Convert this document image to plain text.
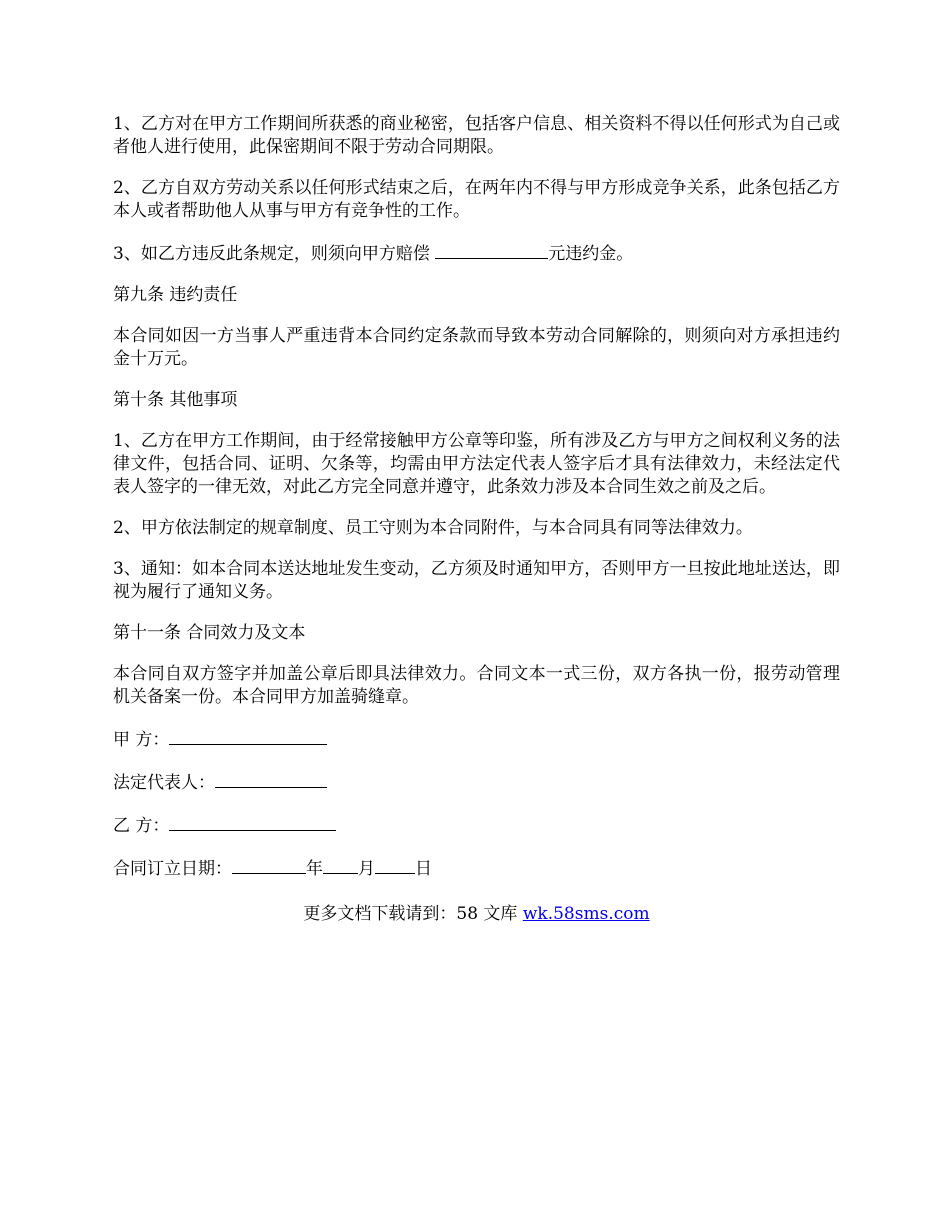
1、乙方对在甲方工作期间所获悉的商业秘密，包括客户信息、相关资料不得以任何形式为自己或者他人进行使用，此保密期间不限于劳动合同期限。

2、乙方自双方劳动关系以任何形式结束之后，在两年内不得与甲方形成竞争关系，此条包括乙方本人或者帮助他人从事与甲方有竞争性的工作。

3、如乙方违反此条规定，则须向甲方赔偿	元违约金。

第九条 违约责任

本合同如因一方当事人严重违背本合同约定条款而导致本劳动合同解除的，则须向对方承担违约金十万元。

第十条 其他事项

1、乙方在甲方工作期间，由于经常接触甲方公章等印鉴，所有涉及乙方与甲方之间权利义务的法律文件，包括合同、证明、欠条等，均需由甲方法定代表人签字后才具有法律效力，未经法定代表人签字的一律无效，对此乙方完全同意并遵守，此条效力涉及本合同生效之前及之后。

2、甲方依法制定的规章制度、员工守则为本合同附件，与本合同具有同等法律效力。

3、通知：如本合同本送达地址发生变动，乙方须及时通知甲方，否则甲方一旦按此地址送达，即视为履行了通知义务。

第十一条 合同效力及文本

本合同自双方签字并加盖公章后即具法律效力。合同文本一式三份，双方各执一份，报劳动管理机关备案一份。本合同甲方加盖骑缝章。

甲 方：

法定代表人：

乙 方：

合同订立日期：	年 月 日

更多文档下载请到：58 文库 wk.58sms.com
